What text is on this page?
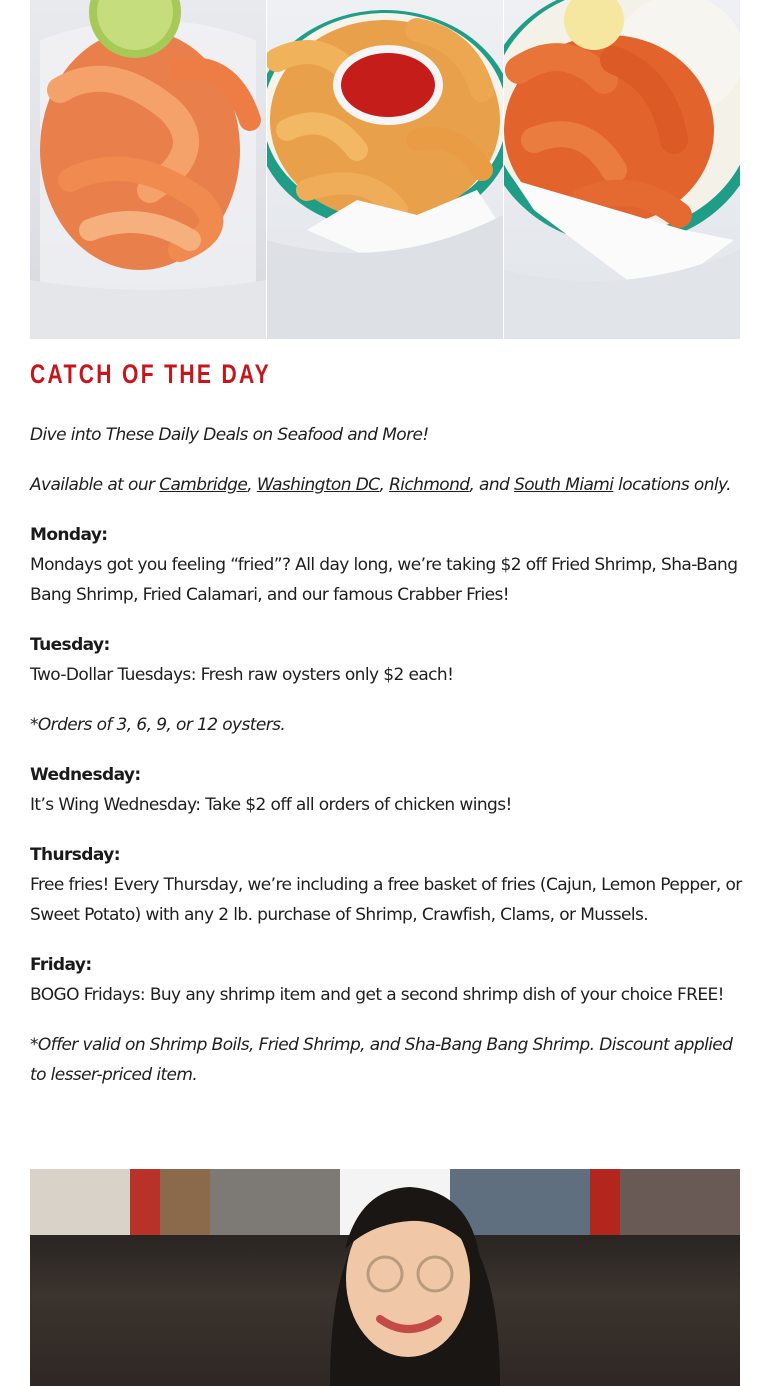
CATCH OF THE DAY

Dive into These Daily Deals on Seafood and More!

Available at our Cambridge, Washington DC, Richmond, and South Miami locations only.

Monday:

Mondays got you feeling “fried”? All day long, we’re taking $2 off Fried Shrimp, Sha-Bang Bang Shrimp, Fried Calamari, and our famous Crabber Fries!

Tuesday:

Two-Dollar Tuesdays: Fresh raw oysters only $2 each!

*Orders of 3, 6, 9, or 12 oysters.

Wednesday:

It’s Wing Wednesday: Take $2 off all orders of chicken wings!

Thursday:

Free fries! Every Thursday, we’re including a free basket of fries (Cajun, Lemon Pepper, or Sweet Potato) with any 2 lb. purchase of Shrimp, Crawfish, Clams, or Mussels.

Friday:

BOGO Fridays: Buy any shrimp item and get a second shrimp dish of your choice FREE!

*Offer valid on Shrimp Boils, Fried Shrimp, and Sha-Bang Bang Shrimp. Discount applied to lesser-priced item.
